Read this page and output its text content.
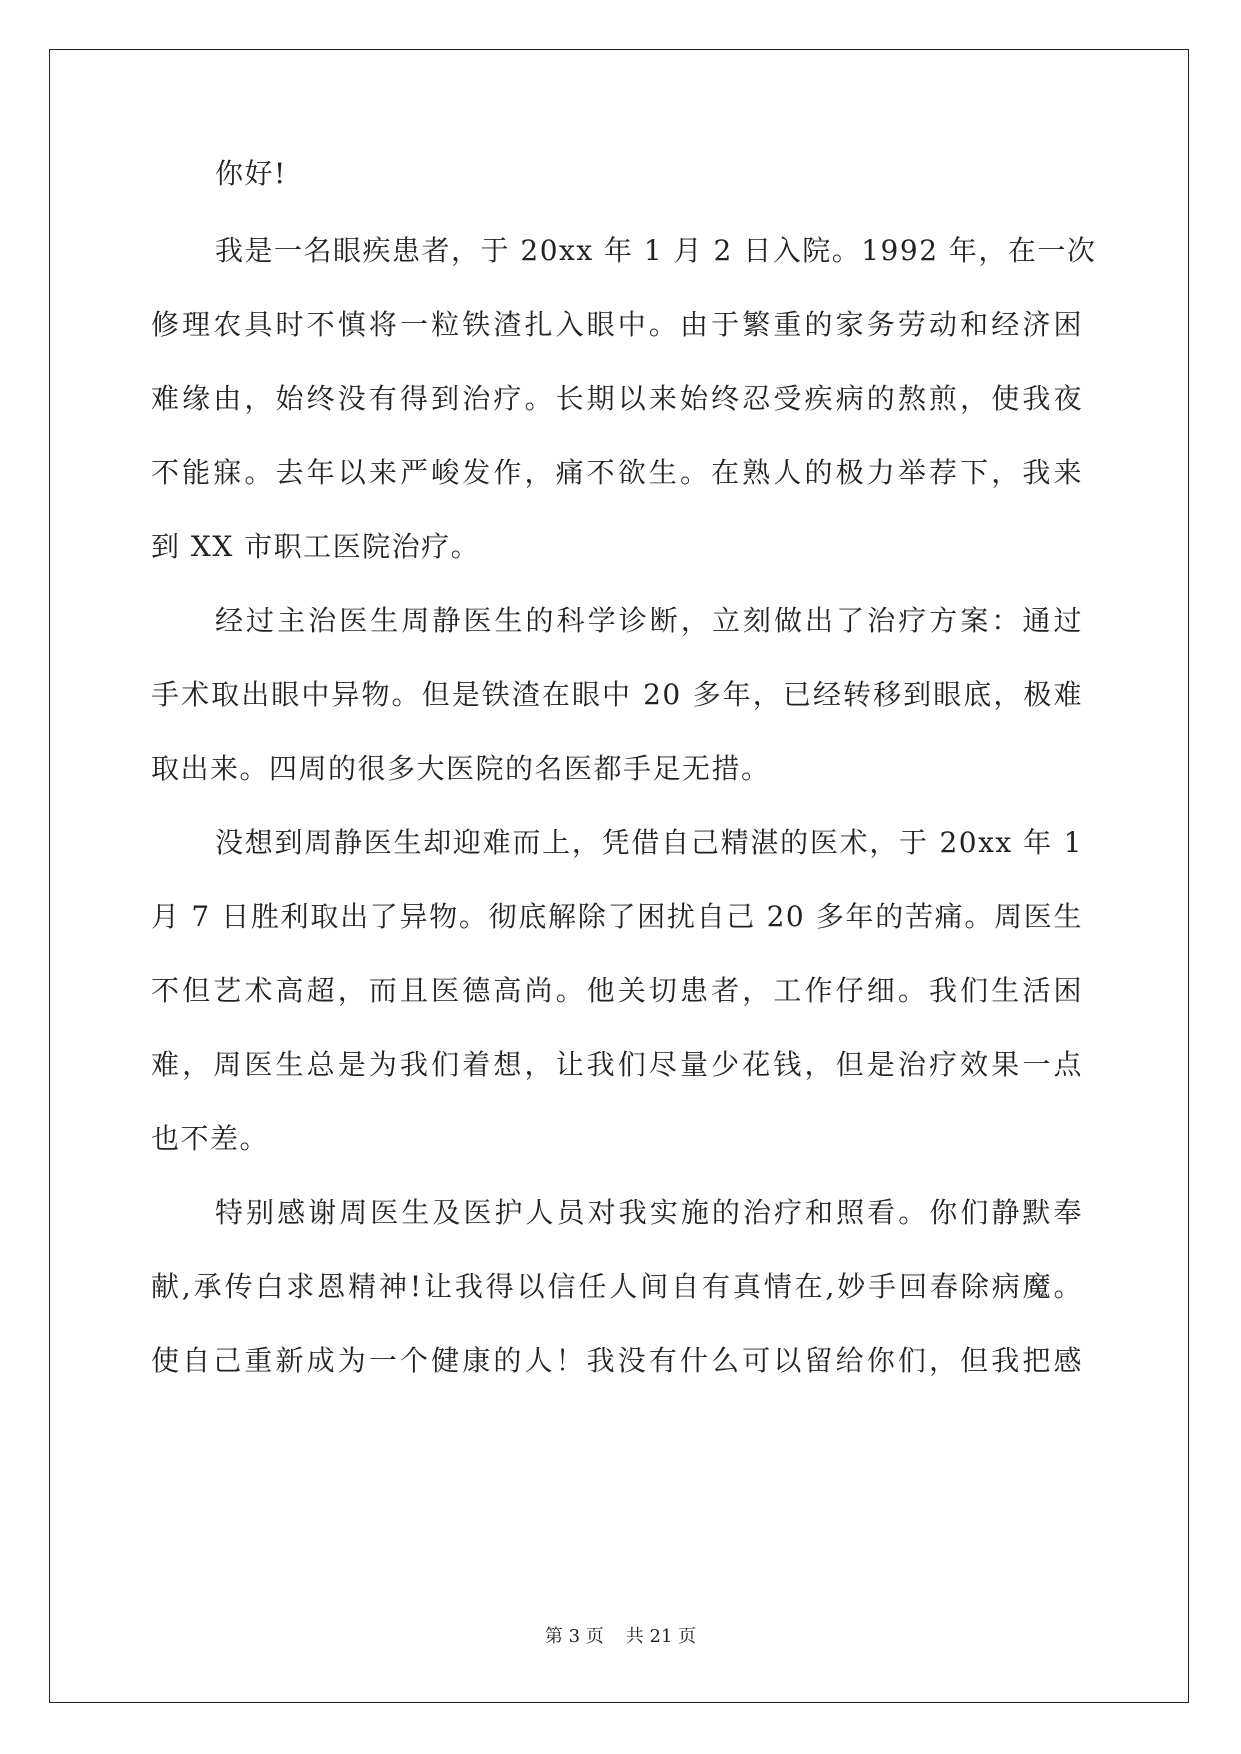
你好!
我是一名眼疾患者，于 20xx 年 1 月 2 日入院。1992 年，在一次
修理农具时不慎将一粒铁渣扎入眼中。由于繁重的家务劳动和经济困
难缘由，始终没有得到治疗。长期以来始终忍受疾病的熬煎，使我夜
不能寐。去年以来严峻发作，痛不欲生。在熟人的极力举荐下，我来
到 XX 市职工医院治疗。
经过主治医生周静医生的科学诊断，立刻做出了治疗方案：通过
手术取出眼中异物。但是铁渣在眼中 20 多年，已经转移到眼底，极难
取出来。四周的很多大医院的名医都手足无措。
没想到周静医生却迎难而上，凭借自己精湛的医术，于 20xx 年 1
月 7 日胜利取出了异物。彻底解除了困扰自己 20 多年的苦痛。周医生
不但艺术高超，而且医德高尚。他关切患者，工作仔细。我们生活困
难，周医生总是为我们着想，让我们尽量少花钱，但是治疗效果一点
也不差。
特别感谢周医生及医护人员对我实施的治疗和照看。你们静默奉
献,承传白求恩精神!让我得以信任人间自有真情在,妙手回春除病魔。
使自己重新成为一个健康的人！我没有什么可以留给你们，但我把感
第 3 页 共 21 页
